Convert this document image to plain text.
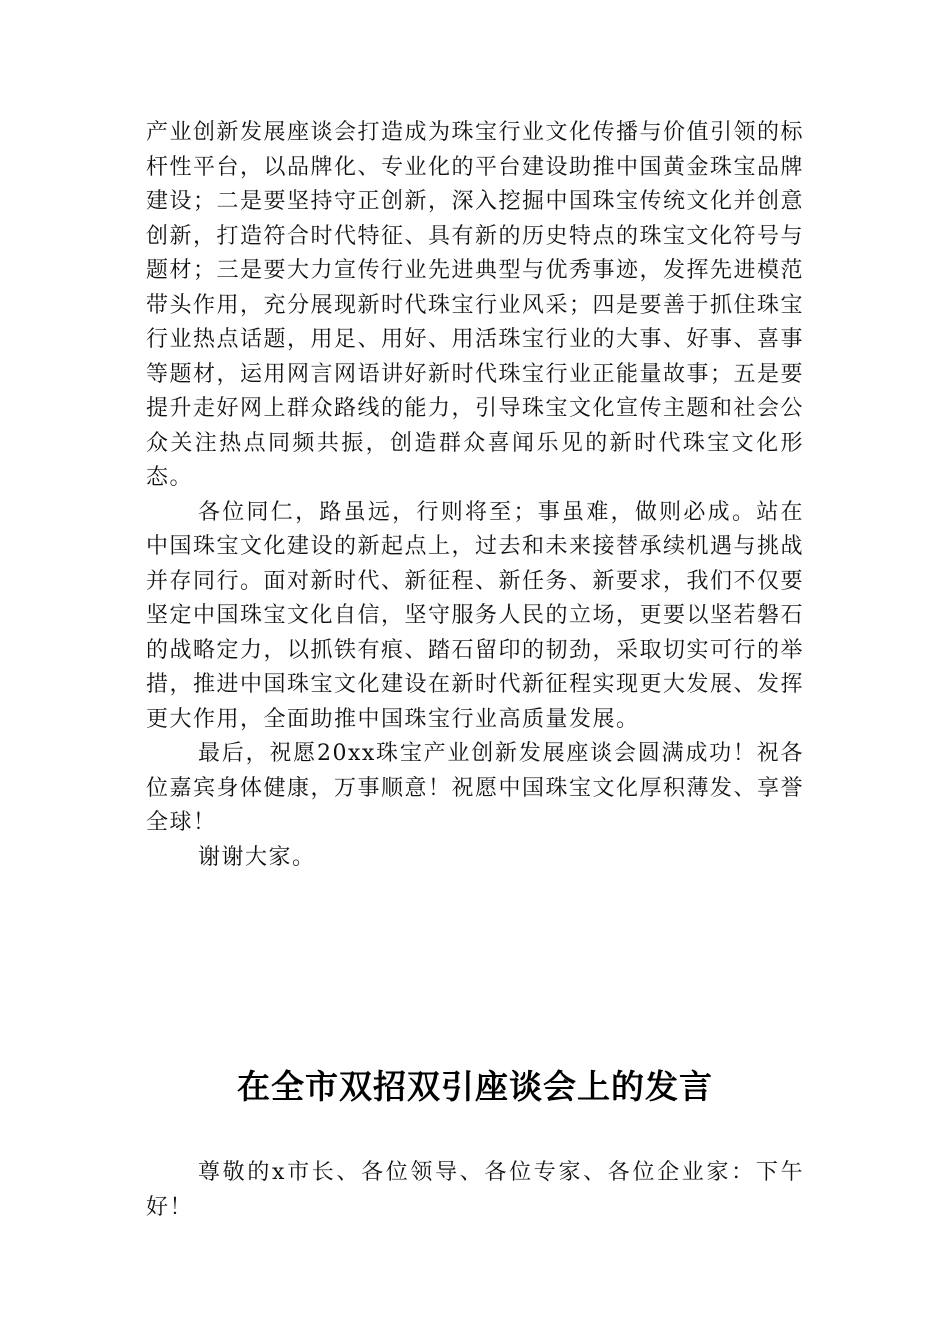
产业创新发展座谈会打造成为珠宝行业文化传播与价值引领的标杆性平台，以品牌化、专业化的平台建设助推中国黄金珠宝品牌建设；二是要坚持守正创新，深入挖掘中国珠宝传统文化并创意创新，打造符合时代特征、具有新的历史特点的珠宝文化符号与题材；三是要大力宣传行业先进典型与优秀事迹，发挥先进模范带头作用，充分展现新时代珠宝行业风采；四是要善于抓住珠宝行业热点话题，用足、用好、用活珠宝行业的大事、好事、喜事等题材，运用网言网语讲好新时代珠宝行业正能量故事；五是要提升走好网上群众路线的能力，引导珠宝文化宣传主题和社会公众关注热点同频共振，创造群众喜闻乐见的新时代珠宝文化形态。

各位同仁，路虽远，行则将至；事虽难，做则必成。站在中国珠宝文化建设的新起点上，过去和未来接替承续机遇与挑战并存同行。面对新时代、新征程、新任务、新要求，我们不仅要坚定中国珠宝文化自信，坚守服务人民的立场，更要以坚若磐石的战略定力，以抓铁有痕、踏石留印的韧劲，采取切实可行的举措，推进中国珠宝文化建设在新时代新征程实现更大发展、发挥更大作用，全面助推中国珠宝行业高质量发展。

最后，祝愿20xx珠宝产业创新发展座谈会圆满成功！祝各位嘉宾身体健康，万事顺意！祝愿中国珠宝文化厚积薄发、享誉全球！

谢谢大家。

在全市双招双引座谈会上的发言

尊敬的x市长、各位领导、各位专家、各位企业家：下午好！
